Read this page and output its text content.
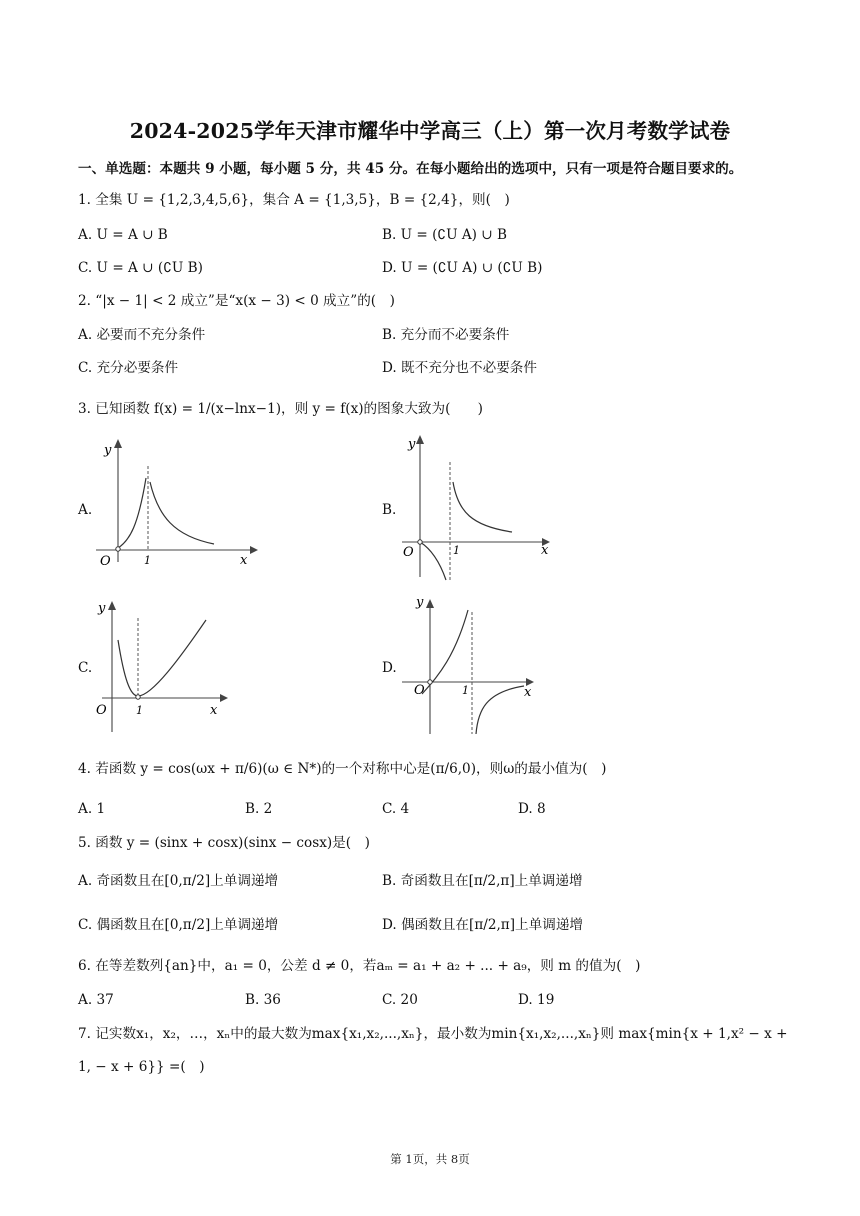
2024-2025学年天津市耀华中学高三（上）第一次月考数学试卷
一、单选题：本题共 9 小题，每小题 5 分，共 45 分。在每小题给出的选项中，只有一项是符合题目要求的。
1. 全集 U = {1,2,3,4,5,6}，集合 A = {1,3,5}，B = {2,4}，则(　)
A. U = A ∪ B	B. U = (∁U A) ∪ B
C. U = A ∪ (∁U B)	D. U = (∁U A) ∪ (∁U B)
2. “|x − 1| < 2 成立”是“x(x − 3) < 0 成立”的(　)
A. 必要而不充分条件	B. 充分而不必要条件
C. 充分必要条件	D. 既不充分也不必要条件
3. 已知函数 f(x) = 1/(x−lnx−1)，则 y = f(x)的图象大致为(　　)
A.	B.
C.	D.
y
x
O	1
y
x
O	1
y
x
O	1
y
x
O	1
4. 若函数 y = cos(ωx + π/6)(ω ∈ N*)的一个对称中心是(π/6,0)，则ω的最小值为(　)
A. 1	B. 2	C. 4	D. 8
5. 函数 y = (sinx + cosx)(sinx − cosx)是(　)
A. 奇函数且在[0,π/2]上单调递增	B. 奇函数且在[π/2,π]上单调递增
C. 偶函数且在[0,π/2]上单调递增	D. 偶函数且在[π/2,π]上单调递增
6. 在等差数列{an}中，a₁ = 0，公差 d ≠ 0，若aₘ = a₁ + a₂ + ... + a₉，则 m 的值为(　)
A. 37	B. 36	C. 20	D. 19
7. 记实数x₁，x₂，…，xₙ中的最大数为max{x₁,x₂,...,xₙ}，最小数为min{x₁,x₂,...,xₙ}则 max{min{x + 1,x² − x +
1, − x + 6}} =(　)
第 1页，共 8页
